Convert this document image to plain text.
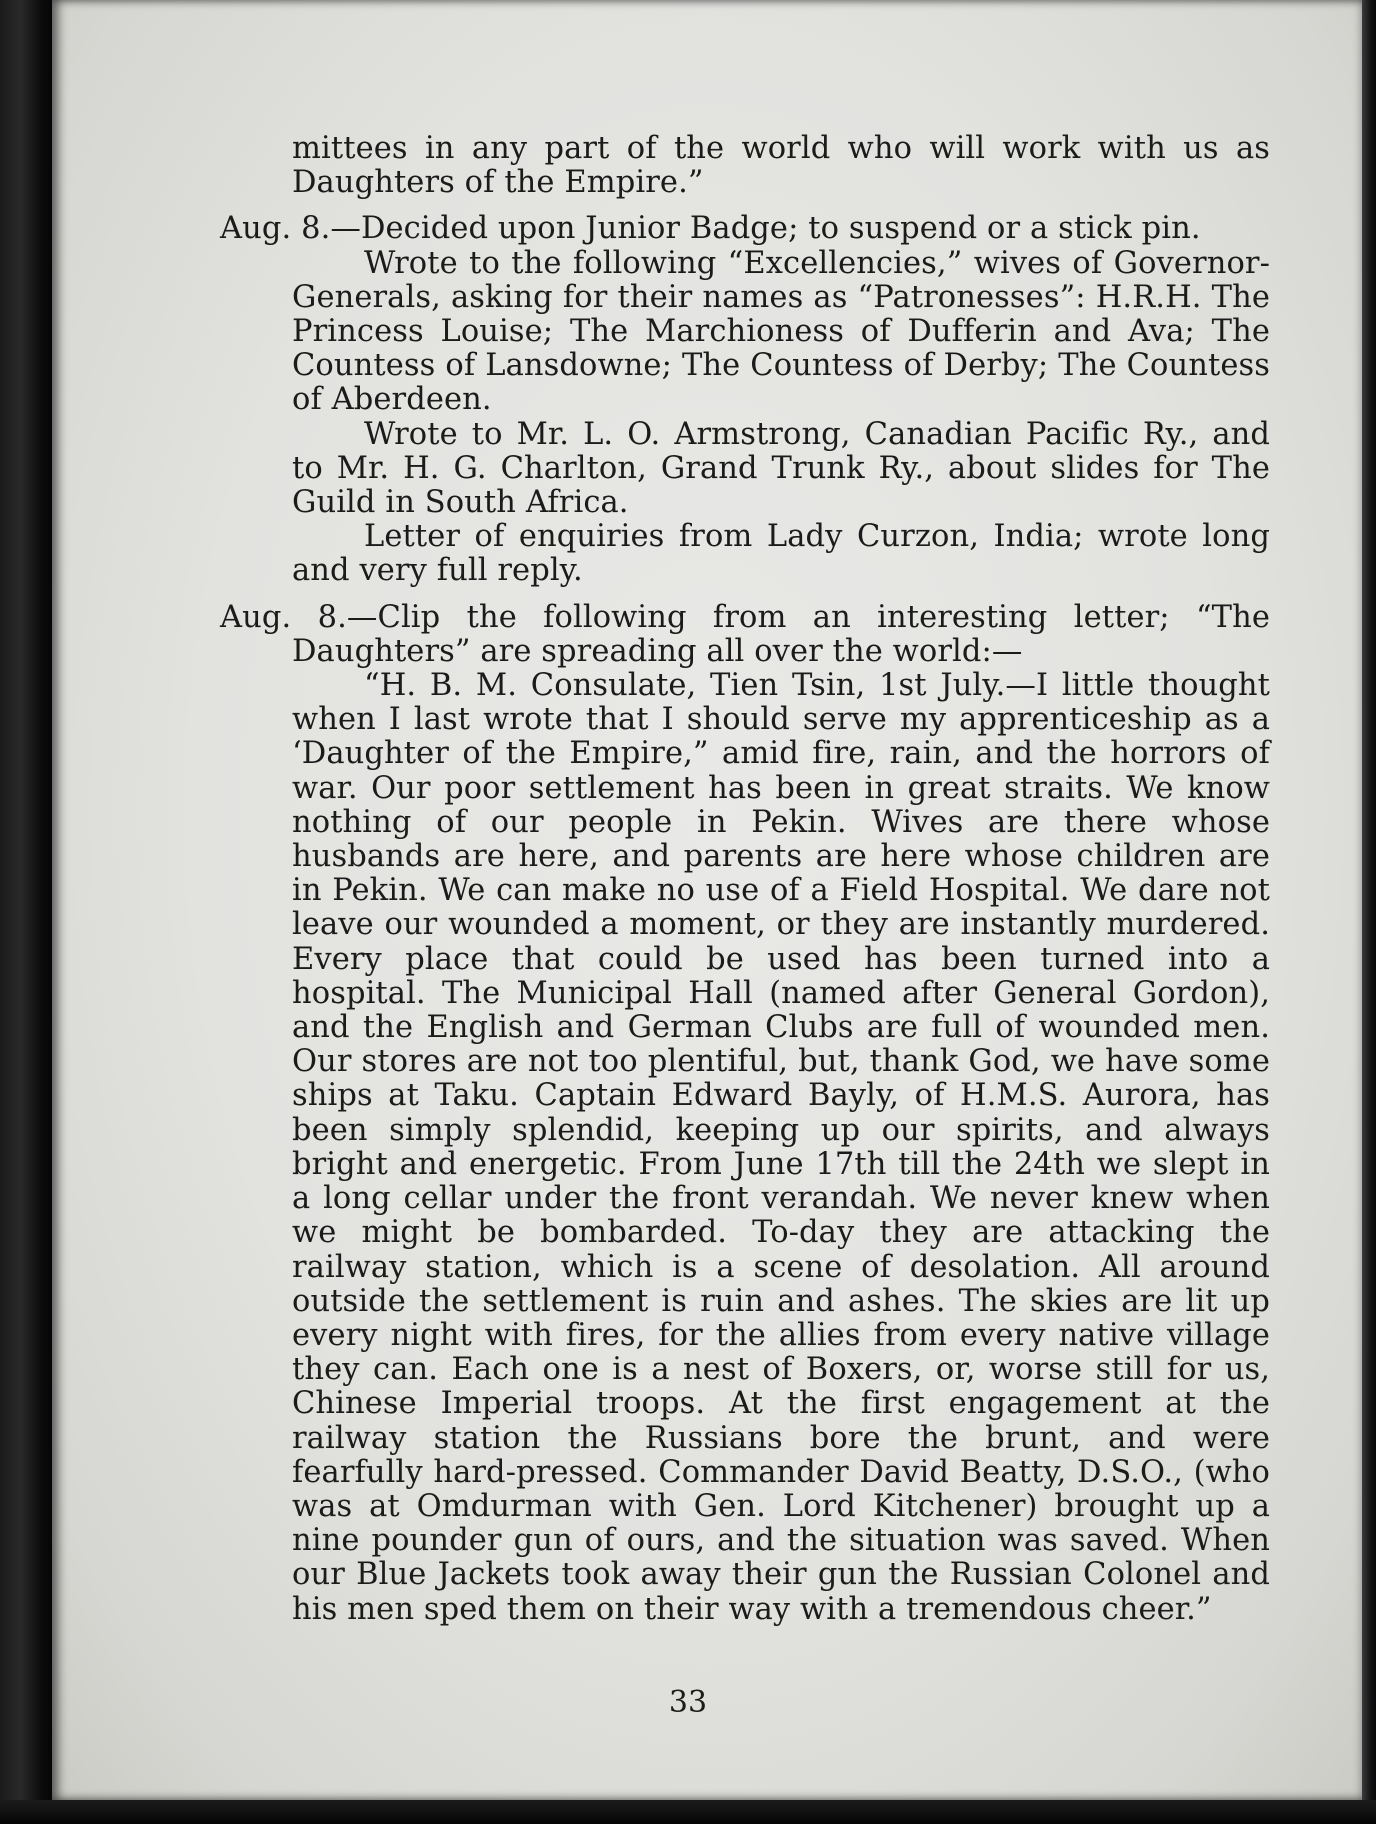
mittees in any part of the world who will work with us as Daughters of the Empire.”

Aug. 8.—Decided upon Junior Badge; to suspend or a stick pin.

Wrote to the following “Excellencies,” wives of Governor-Generals, asking for their names as “Patronesses”: H.R.H. The Princess Louise; The Marchioness of Dufferin and Ava; The Countess of Lansdowne; The Countess of Derby; The Countess of Aberdeen.

Wrote to Mr. L. O. Armstrong, Canadian Pacific Ry., and to Mr. H. G. Charlton, Grand Trunk Ry., about slides for The Guild in South Africa.

Letter of enquiries from Lady Curzon, India; wrote long and very full reply.

Aug. 8.—Clip the following from an interesting letter; “The Daughters” are spreading all over the world:—

“H. B. M. Consulate, Tien Tsin, 1st July.—I little thought when I last wrote that I should serve my apprenticeship as a ‘Daughter of the Empire,” amid fire, rain, and the horrors of war. Our poor settlement has been in great straits. We know nothing of our people in Pekin. Wives are there whose husbands are here, and parents are here whose children are in Pekin. We can make no use of a Field Hospital. We dare not leave our wounded a moment, or they are instantly murdered. Every place that could be used has been turned into a hospital. The Municipal Hall (named after General Gordon), and the English and German Clubs are full of wounded men. Our stores are not too plentiful, but, thank God, we have some ships at Taku. Captain Edward Bayly, of H.M.S. Aurora, has been simply splendid, keeping up our spirits, and always bright and energetic. From June 17th till the 24th we slept in a long cellar under the front verandah. We never knew when we might be bombarded. To-day they are attacking the railway station, which is a scene of desolation. All around outside the settlement is ruin and ashes. The skies are lit up every night with fires, for the allies from every native village they can. Each one is a nest of Boxers, or, worse still for us, Chinese Imperial troops. At the first engagement at the railway station the Russians bore the brunt, and were fearfully hard-pressed. Commander David Beatty, D.S.O., (who was at Omdurman with Gen. Lord Kitchener) brought up a nine pounder gun of ours, and the situation was saved. When our Blue Jackets took away their gun the Russian Colonel and his men sped them on their way with a tremendous cheer.”

33
